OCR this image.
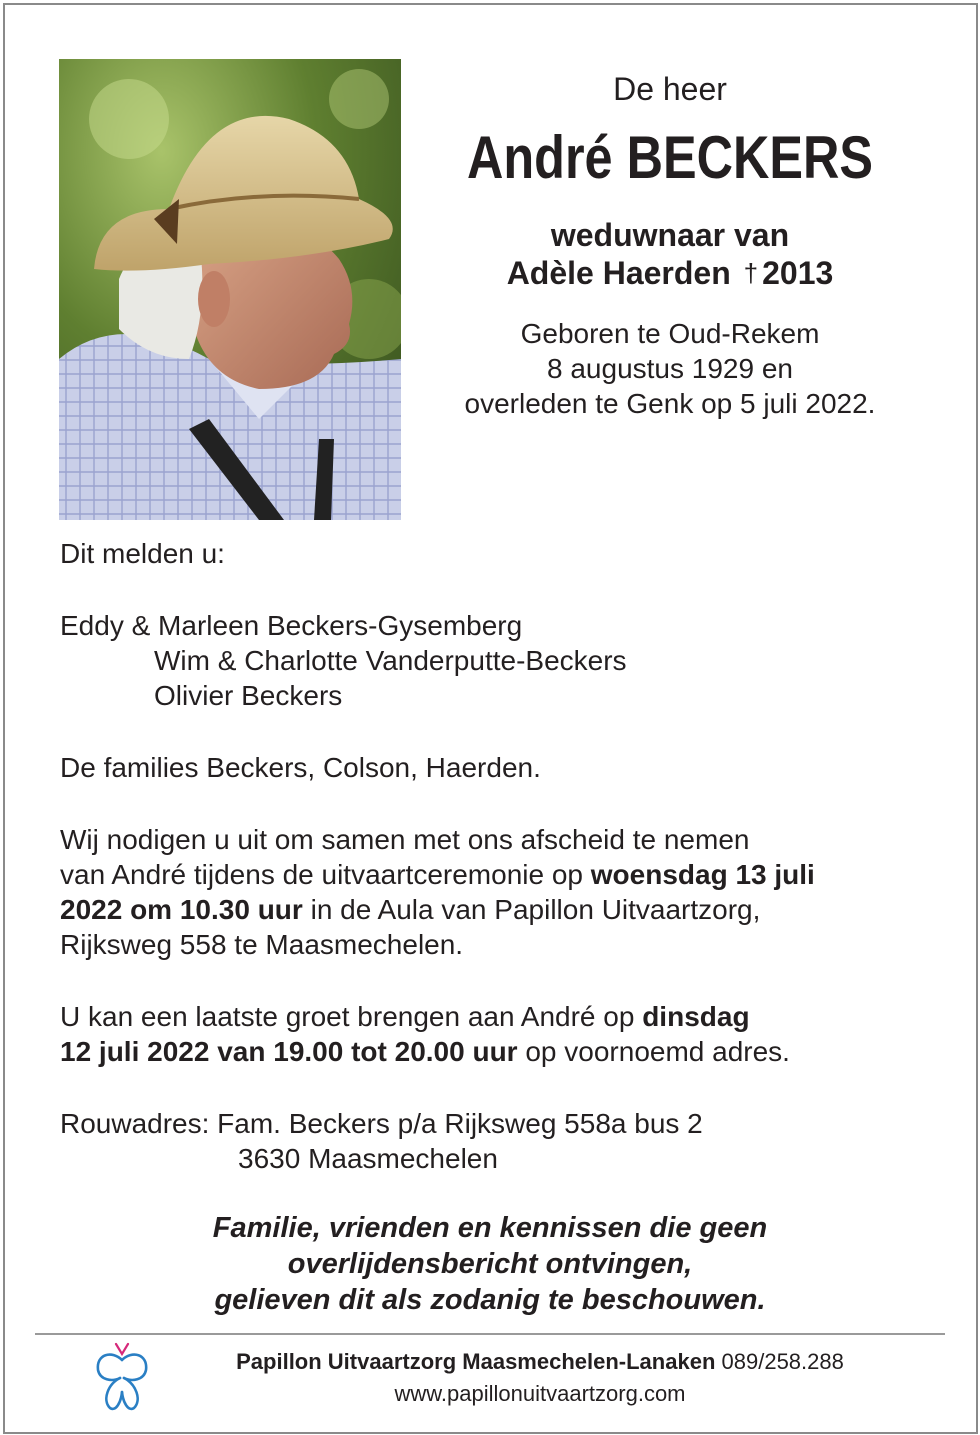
De heer
André BECKERS
weduwnaar van
Adèle Haerden † 2013
Geboren te Oud-Rekem
8 augustus 1929 en
overleden te Genk op 5 juli 2022.

Dit melden u:

Eddy & Marleen Beckers-Gysemberg

Wim & Charlotte Vanderputte-Beckers

Olivier Beckers

De families Beckers, Colson, Haerden.

Wij nodigen u uit om samen met ons afscheid te nemen

van André tijdens de uitvaartceremonie op woensdag 13 juli

2022 om 10.30 uur in de Aula van Papillon Uitvaartzorg,

Rijksweg 558 te Maasmechelen.

U kan een laatste groet brengen aan André op dinsdag

12 juli 2022 van 19.00 tot 20.00 uur op voornoemd adres.

Rouwadres: Fam. Beckers p/a Rijksweg 558a bus 2

3630 Maasmechelen

Familie, vrienden en kennissen die geen
overlijdensbericht ontvingen,
gelieven dit als zodanig te beschouwen.
Papillon Uitvaartzorg Maasmechelen-Lanaken 089/258.288
www.papillonuitvaartzorg.com
